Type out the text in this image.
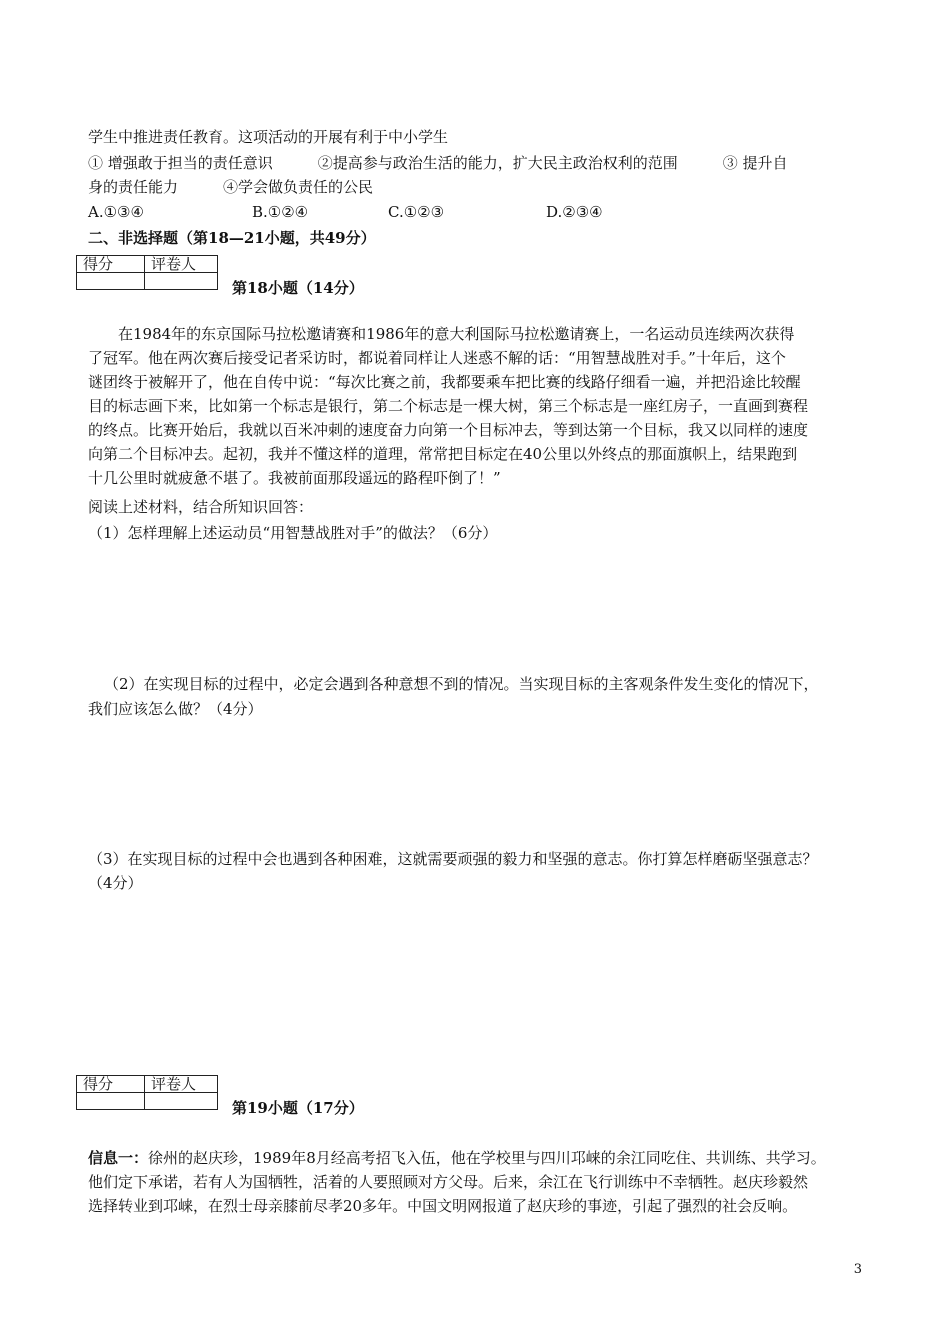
学生中推进责任教育。这项活动的开展有利于中小学生
① 增强敢于担当的责任意识　　　②提高参与政治生活的能力，扩大民主政治权利的范围　　　③ 提升自
身的责任能力　　　④学会做负责任的公民
A.①③④	B.①②④	C.①②③	D.②③④
二、非选择题（第18—21小题，共49分）
得分	评卷人

第18小题（14分）
在1984年的东京国际马拉松邀请赛和1986年的意大利国际马拉松邀请赛上，一名运动员连续两次获得
了冠军。他在两次赛后接受记者采访时，都说着同样让人迷惑不解的话：“用智慧战胜对手。”十年后，这个
谜团终于被解开了，他在自传中说：“每次比赛之前，我都要乘车把比赛的线路仔细看一遍，并把沿途比较醒
目的标志画下来，比如第一个标志是银行，第二个标志是一棵大树，第三个标志是一座红房子，一直画到赛程
的终点。比赛开始后，我就以百米冲刺的速度奋力向第一个目标冲去，等到达第一个目标，我又以同样的速度
向第二个目标冲去。起初，我并不懂这样的道理，常常把目标定在40公里以外终点的那面旗帜上，结果跑到
十几公里时就疲惫不堪了。我被前面那段遥远的路程吓倒了！”
阅读上述材料，结合所知识回答：
（1）怎样理解上述运动员“用智慧战胜对手”的做法？（6分）
（2）在实现目标的过程中，必定会遇到各种意想不到的情况。当实现目标的主客观条件发生变化的情况下，
我们应该怎么做？（4分）
（3）在实现目标的过程中会也遇到各种困难，这就需要顽强的毅力和坚强的意志。你打算怎样磨砺坚强意志？
（4分）
得分	评卷人

第19小题（17分）
信息一：徐州的赵庆珍，1989年8月经高考招飞入伍，他在学校里与四川邛崃的余江同吃住、共训练、共学习。
他们定下承诺，若有人为国牺牲，活着的人要照顾对方父母。后来，余江在飞行训练中不幸牺牲。赵庆珍毅然
选择转业到邛崃，在烈士母亲膝前尽孝20多年。中国文明网报道了赵庆珍的事迹，引起了强烈的社会反响。
3
